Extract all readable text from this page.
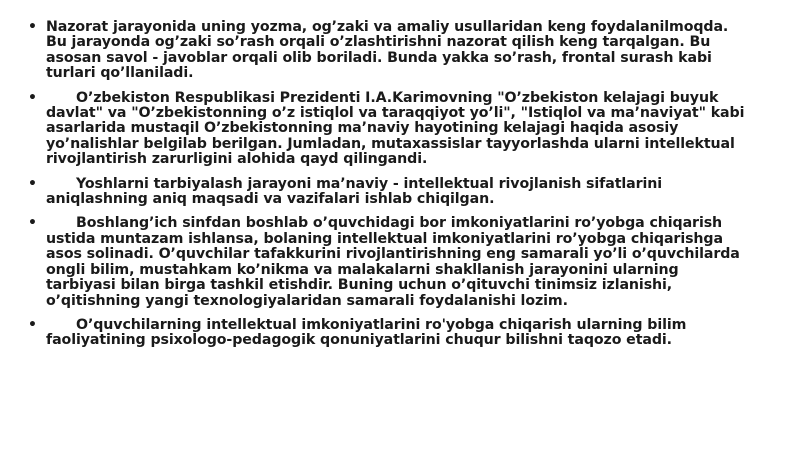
• Nazorat jarayonida uning yozma, og’zaki va amaliy usullaridan keng foydalanilmoqda. Bu jarayonda og’zaki so’rash orqali o’zlashtirishni nazorat qilish keng tarqalgan. Bu asosan savol - javoblar orqali olib boriladi. Bunda yakka so’rash, frontal surash kabi turlari qo’llaniladi.
•	O’zbekiston Respublikasi Prezidenti I.A.Karimovning "O’zbekiston kelajagi buyuk davlat" va "O’zbekistonning o’z istiqlol va taraqqiyot yo’li", "Istiqlol va ma’naviyat" kabi asarlarida mustaqil O’zbekistonning ma’naviy hayotining kelajagi haqida asosiy yo’nalishlar belgilab berilgan. Jumladan, mutaxassislar tayyorlashda ularni intellektual rivojlantirish zarurligini alohida qayd qilingandi.
•	Yoshlarni tarbiyalash jarayoni ma’naviy - intellektual rivojlanish sifatlarini aniqlashning aniq maqsadi va vazifalari ishlab chiqilgan.
•	Boshlang’ich sinfdan boshlab o’quvchidagi bor imkoniyatlarini ro’yobga chiqarish ustida muntazam ishlansa, bolaning intellektual imkoniyatlarini ro’yobga chiqarishga asos solinadi. O’quvchilar tafakkurini rivojlantirishning eng samarali yo’li o’quvchilarda ongli bilim, mustahkam ko’nikma va malakalarni shakllanish jarayonini ularning tarbiyasi bilan birga tashkil etishdir. Buning uchun o’qituvchi tinimsiz izlanishi, o’qitishning yangi texnologiyalaridan samarali foydalanishi lozim.
•	O’quvchilarning intellektual imkoniyatlarini ro'yobga chiqarish ularning bilim faoliyatining psixologo-pedagogik qonuniyatlarini chuqur bilishni taqozo etadi.
